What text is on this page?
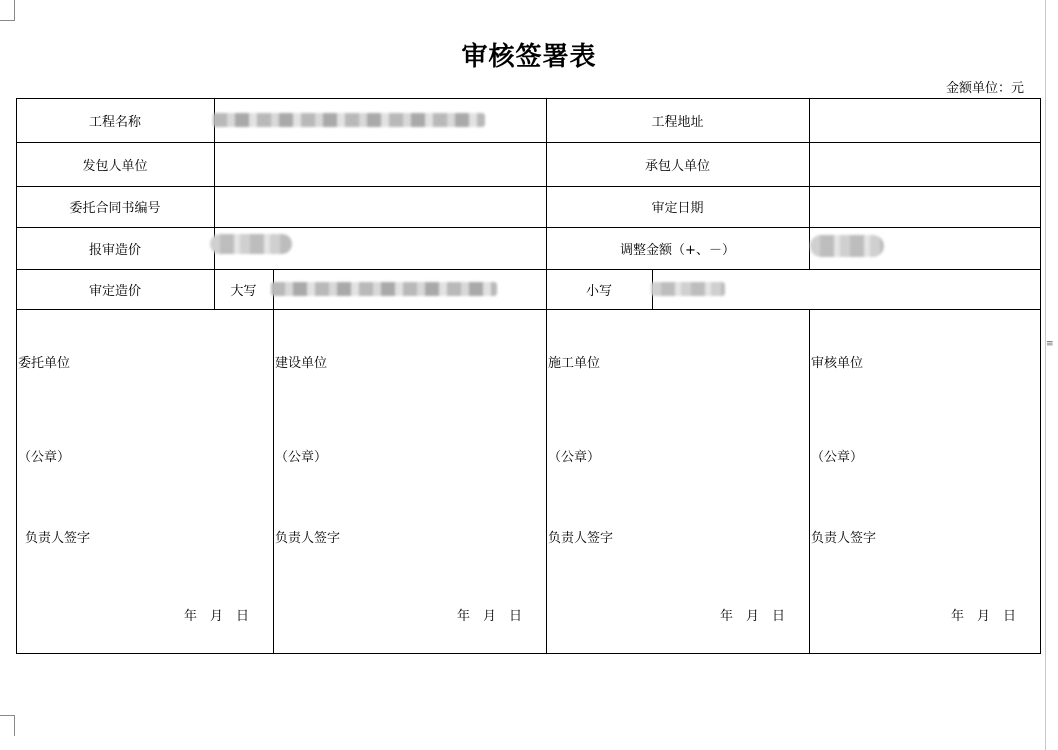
≡
审核签署表
金额单位：元
工程名称	工程地址
发包人单位	承包人单位
委托合同书编号	审定日期
报审造价	调整金额（+、－）
审定造价	大写	小写
委托单位
（公章）
负责人签字
年　月　日
建设单位
（公章）
负责人签字
年　月　日
施工单位
（公章）
负责人签字
年　月　日
审核单位
（公章）
负责人签字
年　月　日
